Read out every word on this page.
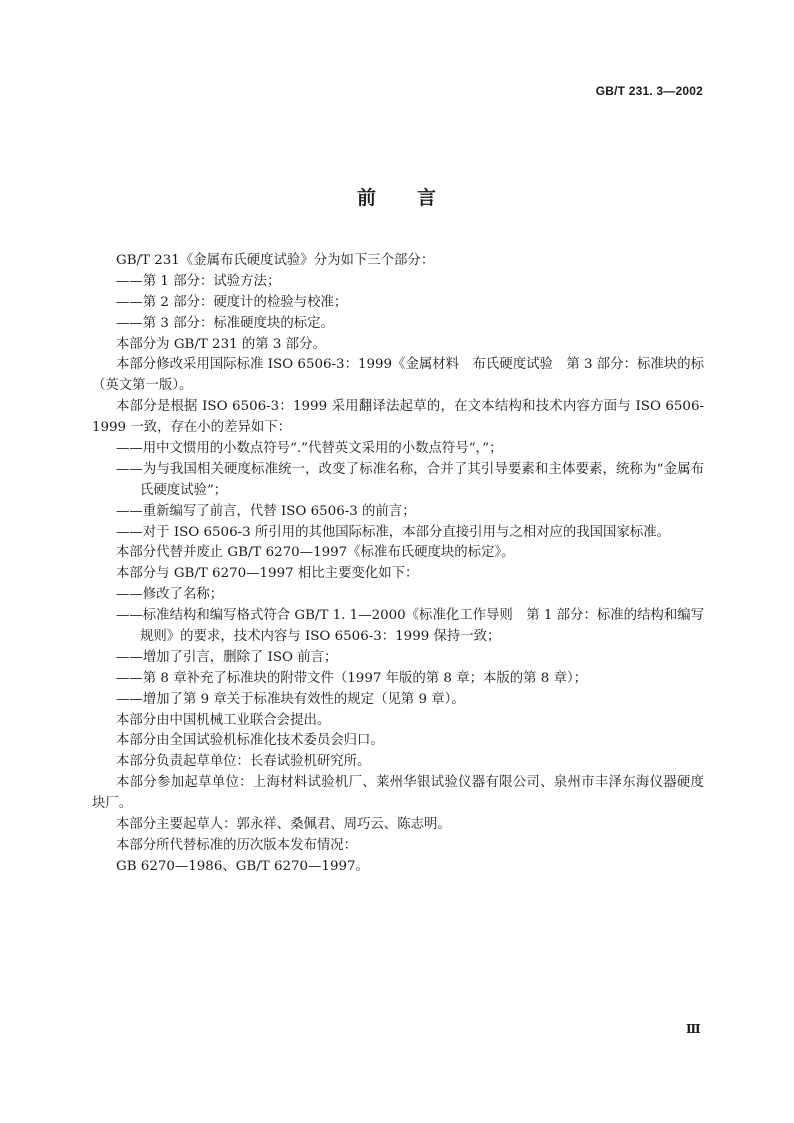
GB/T 231. 3—2002
前　　言
GB/T 231《金属布氏硬度试验》分为如下三个部分：
——第 1 部分：试验方法；
——第 2 部分：硬度计的检验与校准；
——第 3 部分：标准硬度块的标定。
本部分为 GB/T 231 的第 3 部分。
本部分修改采用国际标准 ISO 6506-3：1999《金属材料　布氏硬度试验　第 3 部分：标准块的标
（英文第一版）。
本部分是根据 ISO 6506-3：1999 采用翻译法起草的，在文本结构和技术内容方面与 ISO 6506-
1999 一致，存在小的差异如下：
——用中文惯用的小数点符号“.”代替英文采用的小数点符号“，”；
——为与我国相关硬度标准统一，改变了标准名称，合并了其引导要素和主体要素，统称为“金属布
氏硬度试验”；
——重新编写了前言，代替 ISO 6506-3 的前言；
——对于 ISO 6506-3 所引用的其他国际标准，本部分直接引用与之相对应的我国国家标准。
本部分代替并废止 GB/T 6270—1997《标准布氏硬度块的标定》。
本部分与 GB/T 6270—1997 相比主要变化如下：
——修改了名称；
——标准结构和编写格式符合 GB/T 1. 1—2000《标准化工作导则　第 1 部分：标准的结构和编写
规则》的要求，技术内容与 ISO 6506-3：1999 保持一致；
——增加了引言，删除了 ISO 前言；
——第 8 章补充了标准块的附带文件（1997 年版的第 8 章；本版的第 8 章）；
——增加了第 9 章关于标准块有效性的规定（见第 9 章）。
本部分由中国机械工业联合会提出。
本部分由全国试验机标准化技术委员会归口。
本部分负责起草单位：长春试验机研究所。
本部分参加起草单位：上海材料试验机厂、莱州华银试验仪器有限公司、泉州市丰泽东海仪器硬度
块厂。
本部分主要起草人：郭永祥、桑佩君、周巧云、陈志明。
本部分所代替标准的历次版本发布情况：
GB 6270—1986、GB/T 6270—1997。
Ⅲ
